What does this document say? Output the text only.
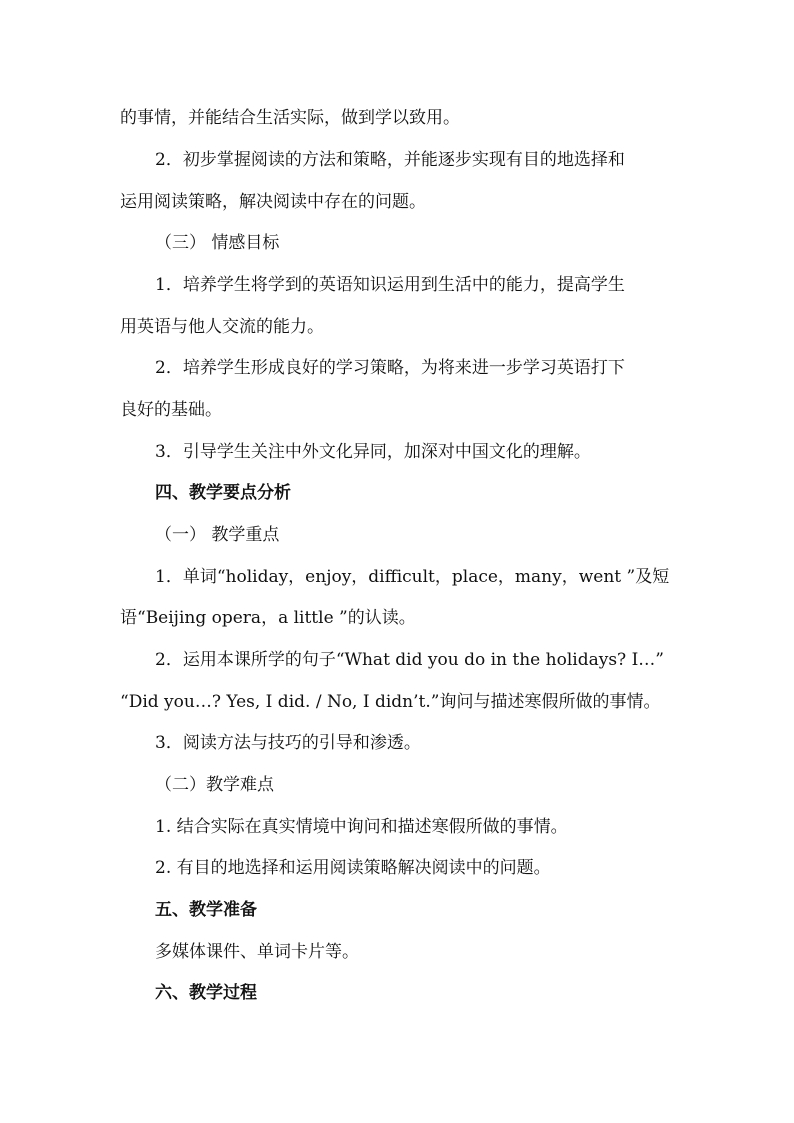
的事情，并能结合生活实际，做到学以致用。
2．初步掌握阅读的方法和策略，并能逐步实现有目的地选择和
运用阅读策略，解决阅读中存在的问题。
（三） 情感目标
1．培养学生将学到的英语知识运用到生活中的能力，提高学生
用英语与他人交流的能力。
2．培养学生形成良好的学习策略，为将来进一步学习英语打下
良好的基础。
3．引导学生关注中外文化异同，加深对中国文化的理解。
四、教学要点分析
（一） 教学重点
1．单词“holiday，enjoy，difficult，place，many，went ”及短
语“Beijing opera，a little ”的认读。
2．运用本课所学的句子“What did you do in the holidays? I…”
“Did you…? Yes, I did. / No, I didn’t.”询问与描述寒假所做的事情。
3．阅读方法与技巧的引导和渗透。
（二）教学难点
1. 结合实际在真实情境中询问和描述寒假所做的事情。
2. 有目的地选择和运用阅读策略解决阅读中的问题。
五、教学准备
多媒体课件、单词卡片等。
六、教学过程
